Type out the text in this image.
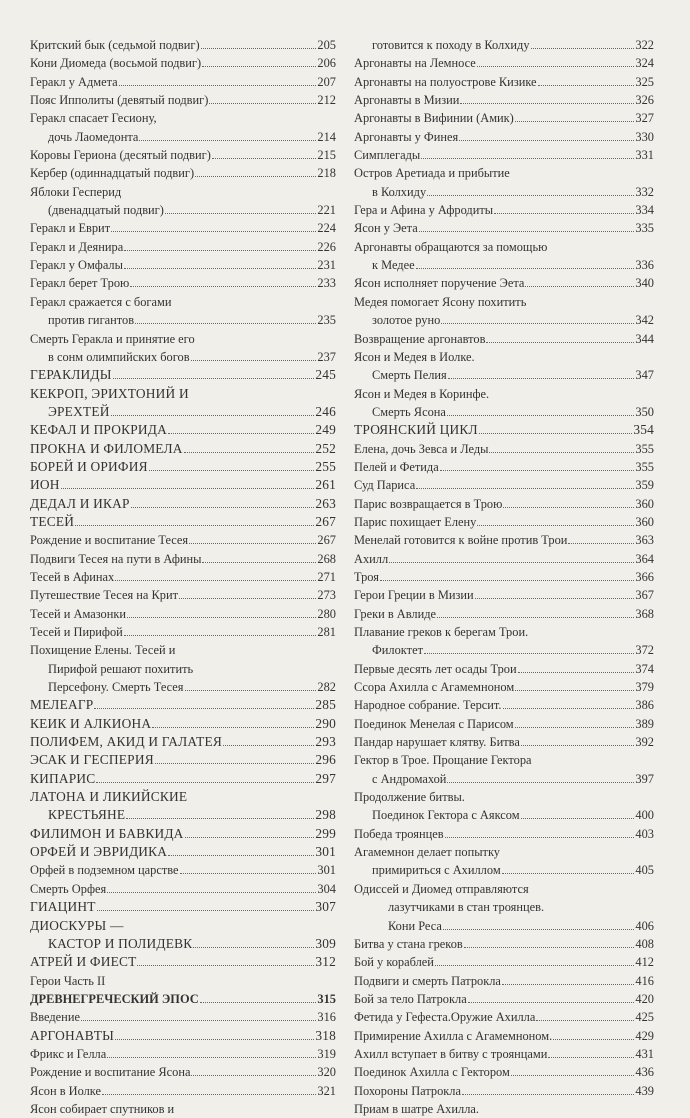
Критский бык (седьмой подвиг)	205
Кони Диомеда (восьмой подвиг)	206
Геракл у Адмета	207
Пояс Ипполиты (девятый подвиг)	212
Геракл спасает Гесиону,
дочь Лаомедонта	214
Коровы Гериона (десятый подвиг)	215
Кербер (одиннадцатый подвиг)	218
Яблоки Гесперид
(двенадцатый подвиг)	221
Геракл и Еврит	224
Геракл и Деянира	226
Геракл у Омфалы	231
Геракл берет Трою	233
Геракл сражается с богами
против гигантов	235
Смерть Геракла и принятие его
в сонм олимпийских богов	237
ГЕРАКЛИДЫ	245
КЕКРОП, ЭРИХТОНИЙ И
ЭРЕХТЕЙ	246
КЕФАЛ И ПРОКРИДА	249
ПРОКНА И ФИЛОМЕЛА	252
БОРЕЙ И ОРИФИЯ	255
ИОН	261
ДЕДАЛ И ИКАР	263
ТЕСЕЙ	267
Рождение и воспитание Тесея	267
Подвиги Тесея на пути в Афины	268
Тесей в Афинах	271
Путешествие Тесея на Крит	273
Тесей и Амазонки	280
Тесей и Пирифой	281
Похищение Елены. Тесей и
Пирифой решают похитить
Персефону. Смерть Тесея	282
МЕЛЕАГР	285
КЕИК И АЛКИОНА	290
ПОЛИФЕМ, АКИД И ГАЛАТЕЯ	293
ЭСАК И ГЕСПЕРИЯ	296
КИПАРИС	297
ЛАТОНА И ЛИКИЙСКИЕ
КРЕСТЬЯНЕ	298
ФИЛИМОН И БАВКИДА	299
ОРФЕЙ И ЭВРИДИКА	301
Орфей в подземном царстве	301
Смерть Орфея	304
ГИАЦИНТ	307
ДИОСКУРЫ —
КАСТОР И ПОЛИДЕВК	309
АТРЕЙ И ФИЕСТ	312
Герои Часть II
ДРЕВНЕГРЕЧЕСКИЙ ЭПОС	315
Введение	316
АРГОНАВТЫ	318
Фрикс и Гелла	319
Рождение и воспитание Ясона	320
Ясон в Иолке	321
Ясон собирает спутников и
готовится к походу в Колхиду	322
Аргонавты на Лемносе	324
Аргонавты на полуострове Кизике	325
Аргонавты в Мизии	326
Аргонавты в Вифинии (Амик)	327
Аргонавты у Финея	330
Симплегады	331
Остров Аретиада и прибытие
в Колхиду	332
Гера и Афина у Афродиты	334
Ясон у Эета	335
Аргонавты обращаются за помощью
к Медее	336
Ясон исполняет поручение Эета	340
Медея помогает Ясону похитить
золотое руно	342
Возвращение аргонавтов	344
Ясон и Медея в Иолке.
Смерть Пелия	347
Ясон и Медея в Коринфе.
Смерть Ясона	350
ТРОЯНСКИЙ ЦИКЛ	354
Елена, дочь Зевса и Леды	355
Пелей и Фетида	355
Суд Париса	359
Парис возвращается в Трою	360
Парис похищает Елену	360
Менелай готовится к войне против Трои	363
Ахилл	364
Троя	366
Герои Греции в Мизии	367
Греки в Авлиде	368
Плавание греков к берегам Трои.
Филоктет	372
Первые десять лет осады Трои	374
Ссора Ахилла с Агамемноном	379
Народное собрание. Терсит.	386
Поединок Менелая с Парисом	389
Пандар нарушает клятву. Битва	392
Гектор в Трое. Прощание Гектора
с Андромахой	397
Продолжение битвы.
Поединок Гектора с Аяксом	400
Победа троянцев	403
Агамемнон делает попытку
примириться с Ахиллом	405
Одиссей и Диомед отправляются
лазутчиками в стан троянцев.
Кони Реса	406
Битва у стана греков	408
Бой у кораблей	412
Подвиги и смерть Патрокла	416
Бой за тело Патрокла	420
Фетида у Гефеста.Оружие Ахилла	425
Примирение Ахилла с Агамемноном.	429
Ахилл вступает в битву с троянцами	431
Поединок Ахилла с Гектором	436
Похороны Патрокла	439
Приам в шатре Ахилла.
